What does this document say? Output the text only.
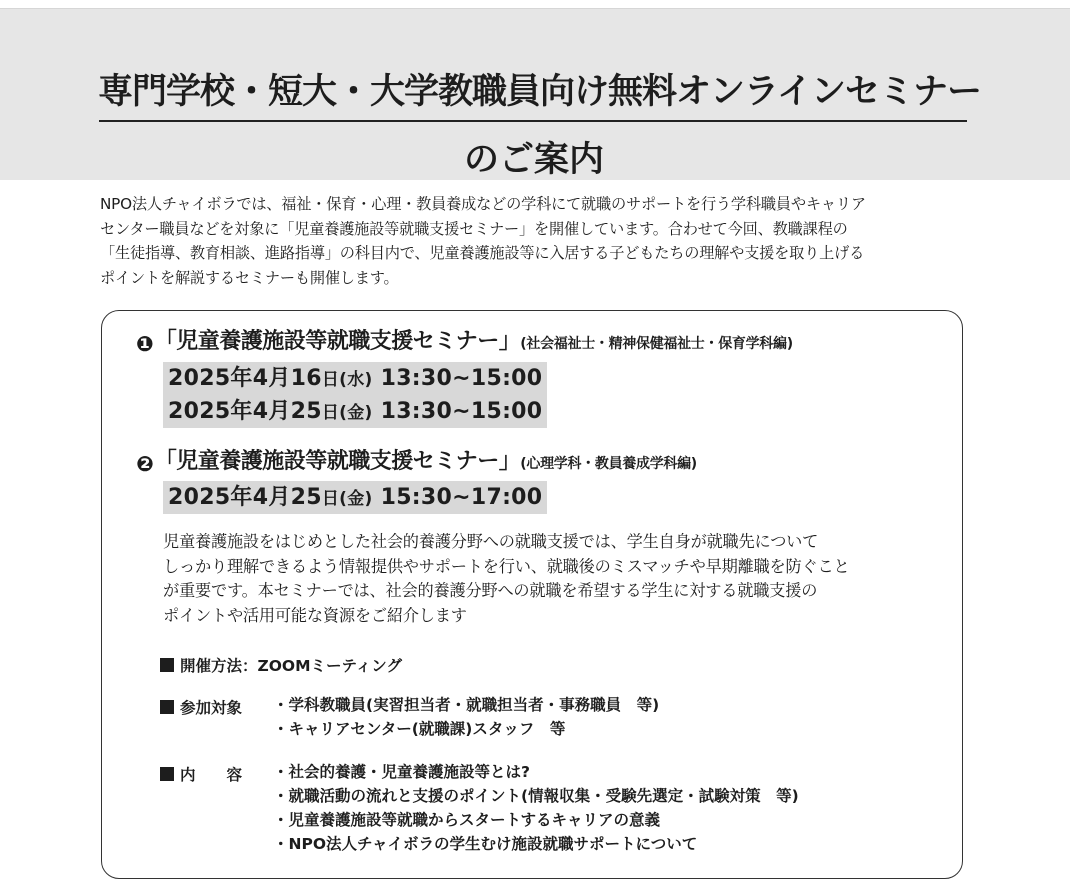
専門学校・短大・大学教職員向け無料オンラインセミナー
のご案内
NPO法人チャイボラでは、福祉・保育・心理・教員養成などの学科にて就職のサポートを行う学科職員やキャリア
センター職員などを対象に「児童養護施設等就職支援セミナー」を開催しています。合わせて今回、教職課程の
「生徒指導、教育相談、進路指導」の科目内で、児童養護施設等に入居する子どもたちの理解や支援を取り上げる
ポイントを解説するセミナーも開催します。
❶「児童養護施設等就職支援セミナー」(社会福祉士・精神保健福祉士・保育学科編)
2025年4月16日(水) 13:30~15:00
2025年4月25日(金) 13:30~15:00
❷「児童養護施設等就職支援セミナー」(心理学科・教員養成学科編)
2025年4月25日(金) 15:30~17:00
児童養護施設をはじめとした社会的養護分野への就職支援では、学生自身が就職先について
しっかり理解できるよう情報提供やサポートを行い、就職後のミスマッチや早期離職を防ぐこと
が重要です。本セミナーでは、社会的養護分野への就職を希望する学生に対する就職支援の
ポイントや活用可能な資源をご紹介します
開催方法：ZOOMミーティング
参加対象 ・学科教職員(実習担当者・就職担当者・事務職員　等)
・キャリアセンター(就職課)スタッフ　等
内　　容 ・社会的養護・児童養護施設等とは?
・就職活動の流れと支援のポイント(情報収集・受験先選定・試験対策　等)
・児童養護施設等就職からスタートするキャリアの意義
・NPO法人チャイボラの学生むけ施設就職サポートについて
